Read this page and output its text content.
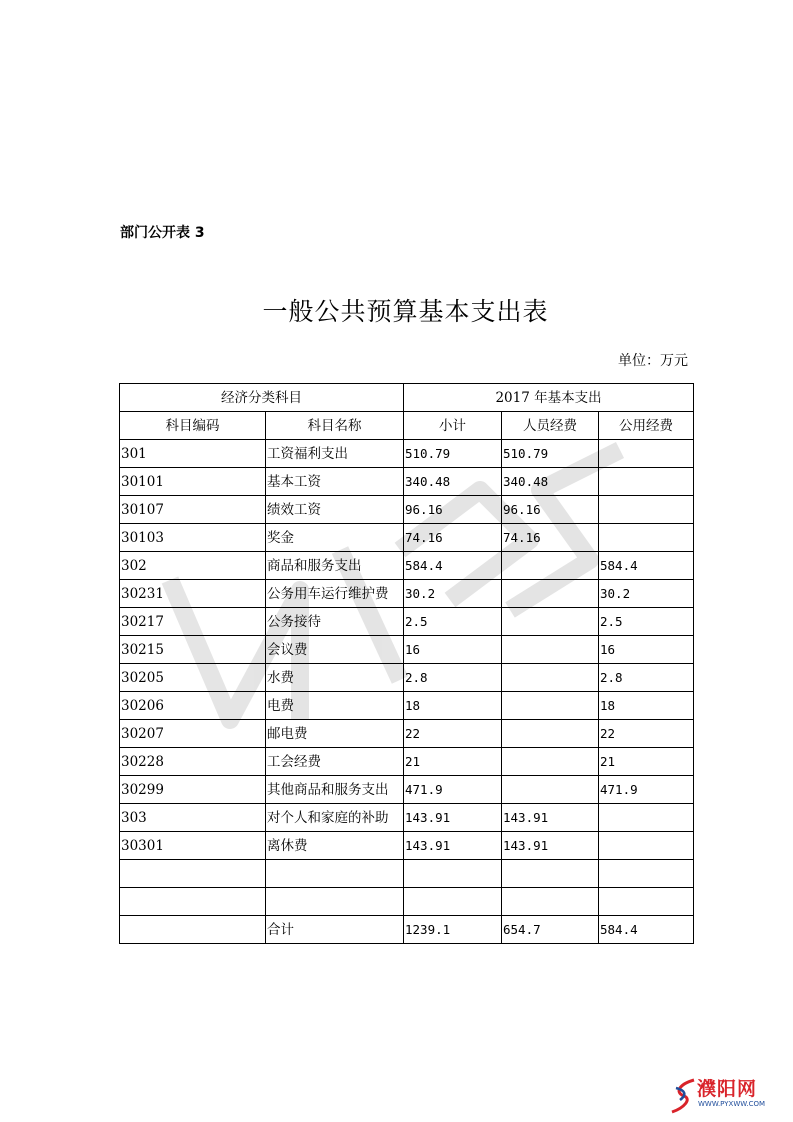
部门公开表 3
一般公共预算基本支出表
单位：万元
WPS
经济分类科目		2017 年基本支出		
科目编码	科目名称	小计	人员经费	公用经费
301	工资福利支出	510.79	510.79	
30101	基本工资	340.48	340.48	
30107	绩效工资	96.16	96.16	
30103	奖金	74.16	74.16	
302	商品和服务支出	584.4		584.4
30231	公务用车运行维护费	30.2		30.2
30217	公务接待	2.5		2.5
30215	会议费	16		16
30205	水费	2.8		2.8
30206	电费	18		18
30207	邮电费	22		22
30228	工会经费	21		21
30299	其他商品和服务支出	471.9		471.9
303	对个人和家庭的补助	143.91	143.91	
30301	离休费	143.91	143.91	

	合计	1239.1	654.7	584.4
濮阳网
WWW.PYXWW.COM
